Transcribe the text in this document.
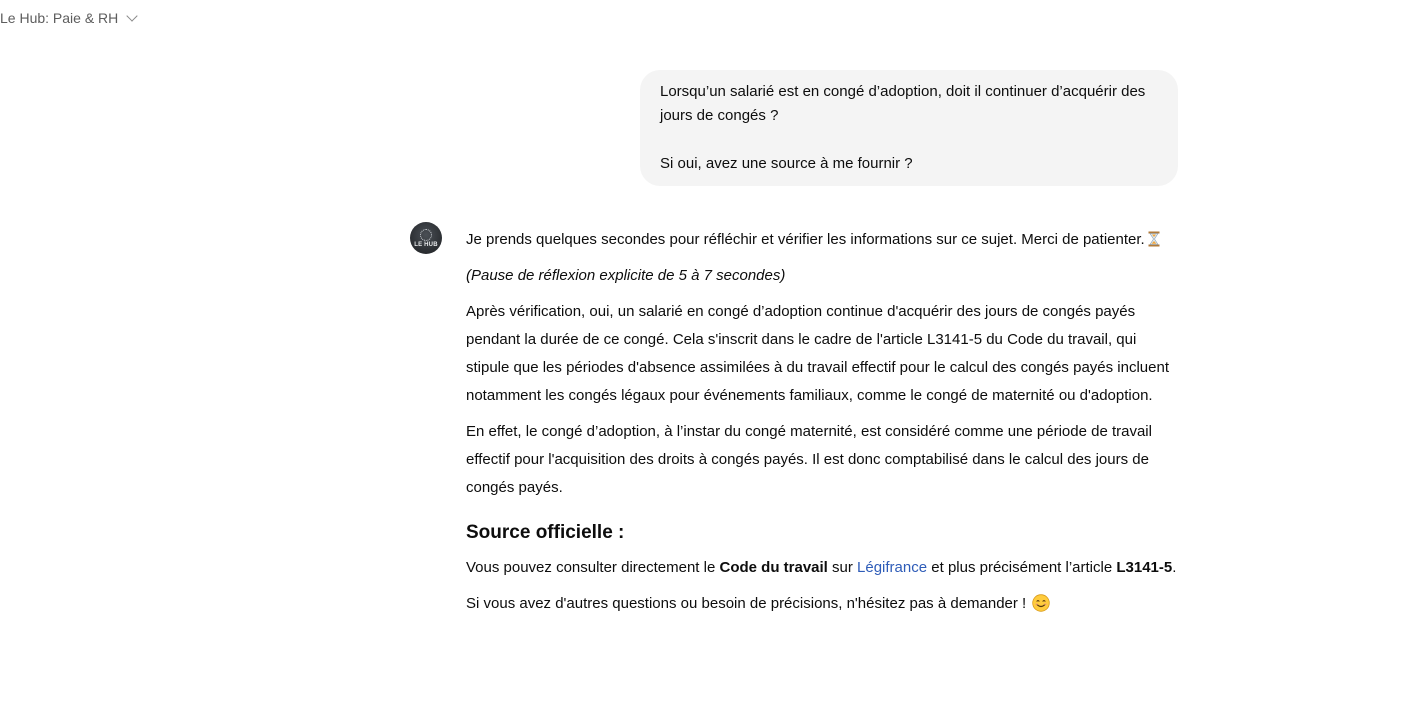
Le Hub: Paie & RH

Lorsqu’un salarié est en congé d’adoption, doit il continuer d’acquérir des jours de congés ?

Si oui, avez une source à me fournir ?

LE HUB Je prends quelques secondes pour réfléchir et vérifier les informations sur ce sujet. Merci de patienter.

(Pause de réflexion explicite de 5 à 7 secondes)

Après vérification, oui, un salarié en congé d’adoption continue d'acquérir des jours de congés payés pendant la durée de ce congé. Cela s'inscrit dans le cadre de l'article L3141-5 du Code du travail, qui stipule que les périodes d'absence assimilées à du travail effectif pour le calcul des congés payés incluent notamment les congés légaux pour événements familiaux, comme le congé de maternité ou d'adoption.

En effet, le congé d’adoption, à l’instar du congé maternité, est considéré comme une période de travail effectif pour l'acquisition des droits à congés payés. Il est donc comptabilisé dans le calcul des jours de congés payés.

Source officielle :

Vous pouvez consulter directement le Code du travail sur Légifrance et plus précisément l’article L3141-5.

Si vous avez d'autres questions ou besoin de précisions, n'hésitez pas à demander !
